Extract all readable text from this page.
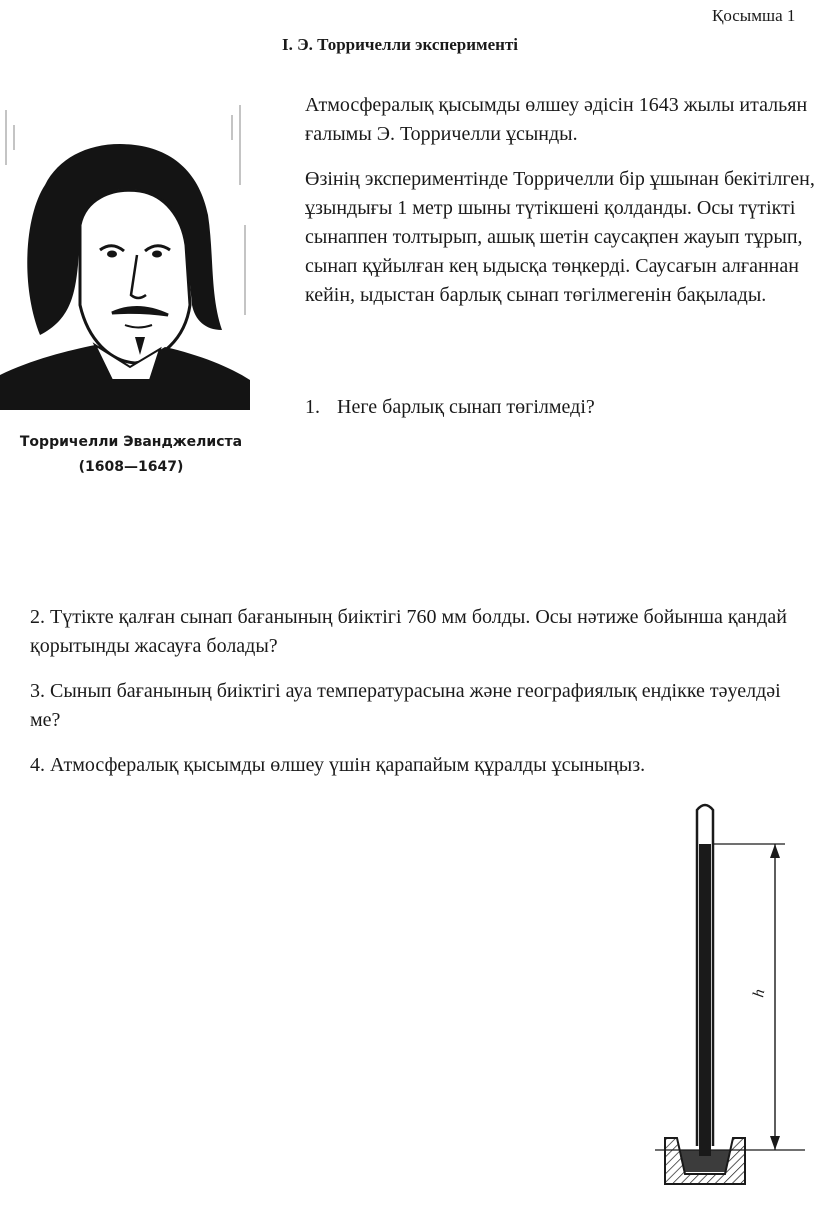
Қосымша 1
I. Э. Торричелли эксперименті
Торричелли Эванджелиста
(1608—1647)
Атмосфералық қысымды өлшеу әдісін 1643 жылы итальян ғалымы Э. Торричелли ұсынды.
Өзінің экспериментінде Торричелли бір ұшынан бекітілген, ұзындығы 1 метр шыны түтікшені қолданды. Осы түтікті сынаппен толтырып, ашық шетін саусақпен жауып тұрып, сынап құйылған кең ыдысқа төңкерді. Саусағын алғаннан кейін, ыдыстан барлық сынап төгілмегенін бақылады.
1. Неге барлық сынап төгілмеді?
2. Түтікте қалған сынап бағанының биіктігі 760 мм болды. Осы нәтиже бойынша қандай қорытынды жасауға болады?
3. Сынып бағанының биіктігі ауа температурасына және географиялық ендікке тәуелдәі ме?
4. Атмосфералық қысымды өлшеу үшін қарапайым құралды ұсыныңыз.
h
